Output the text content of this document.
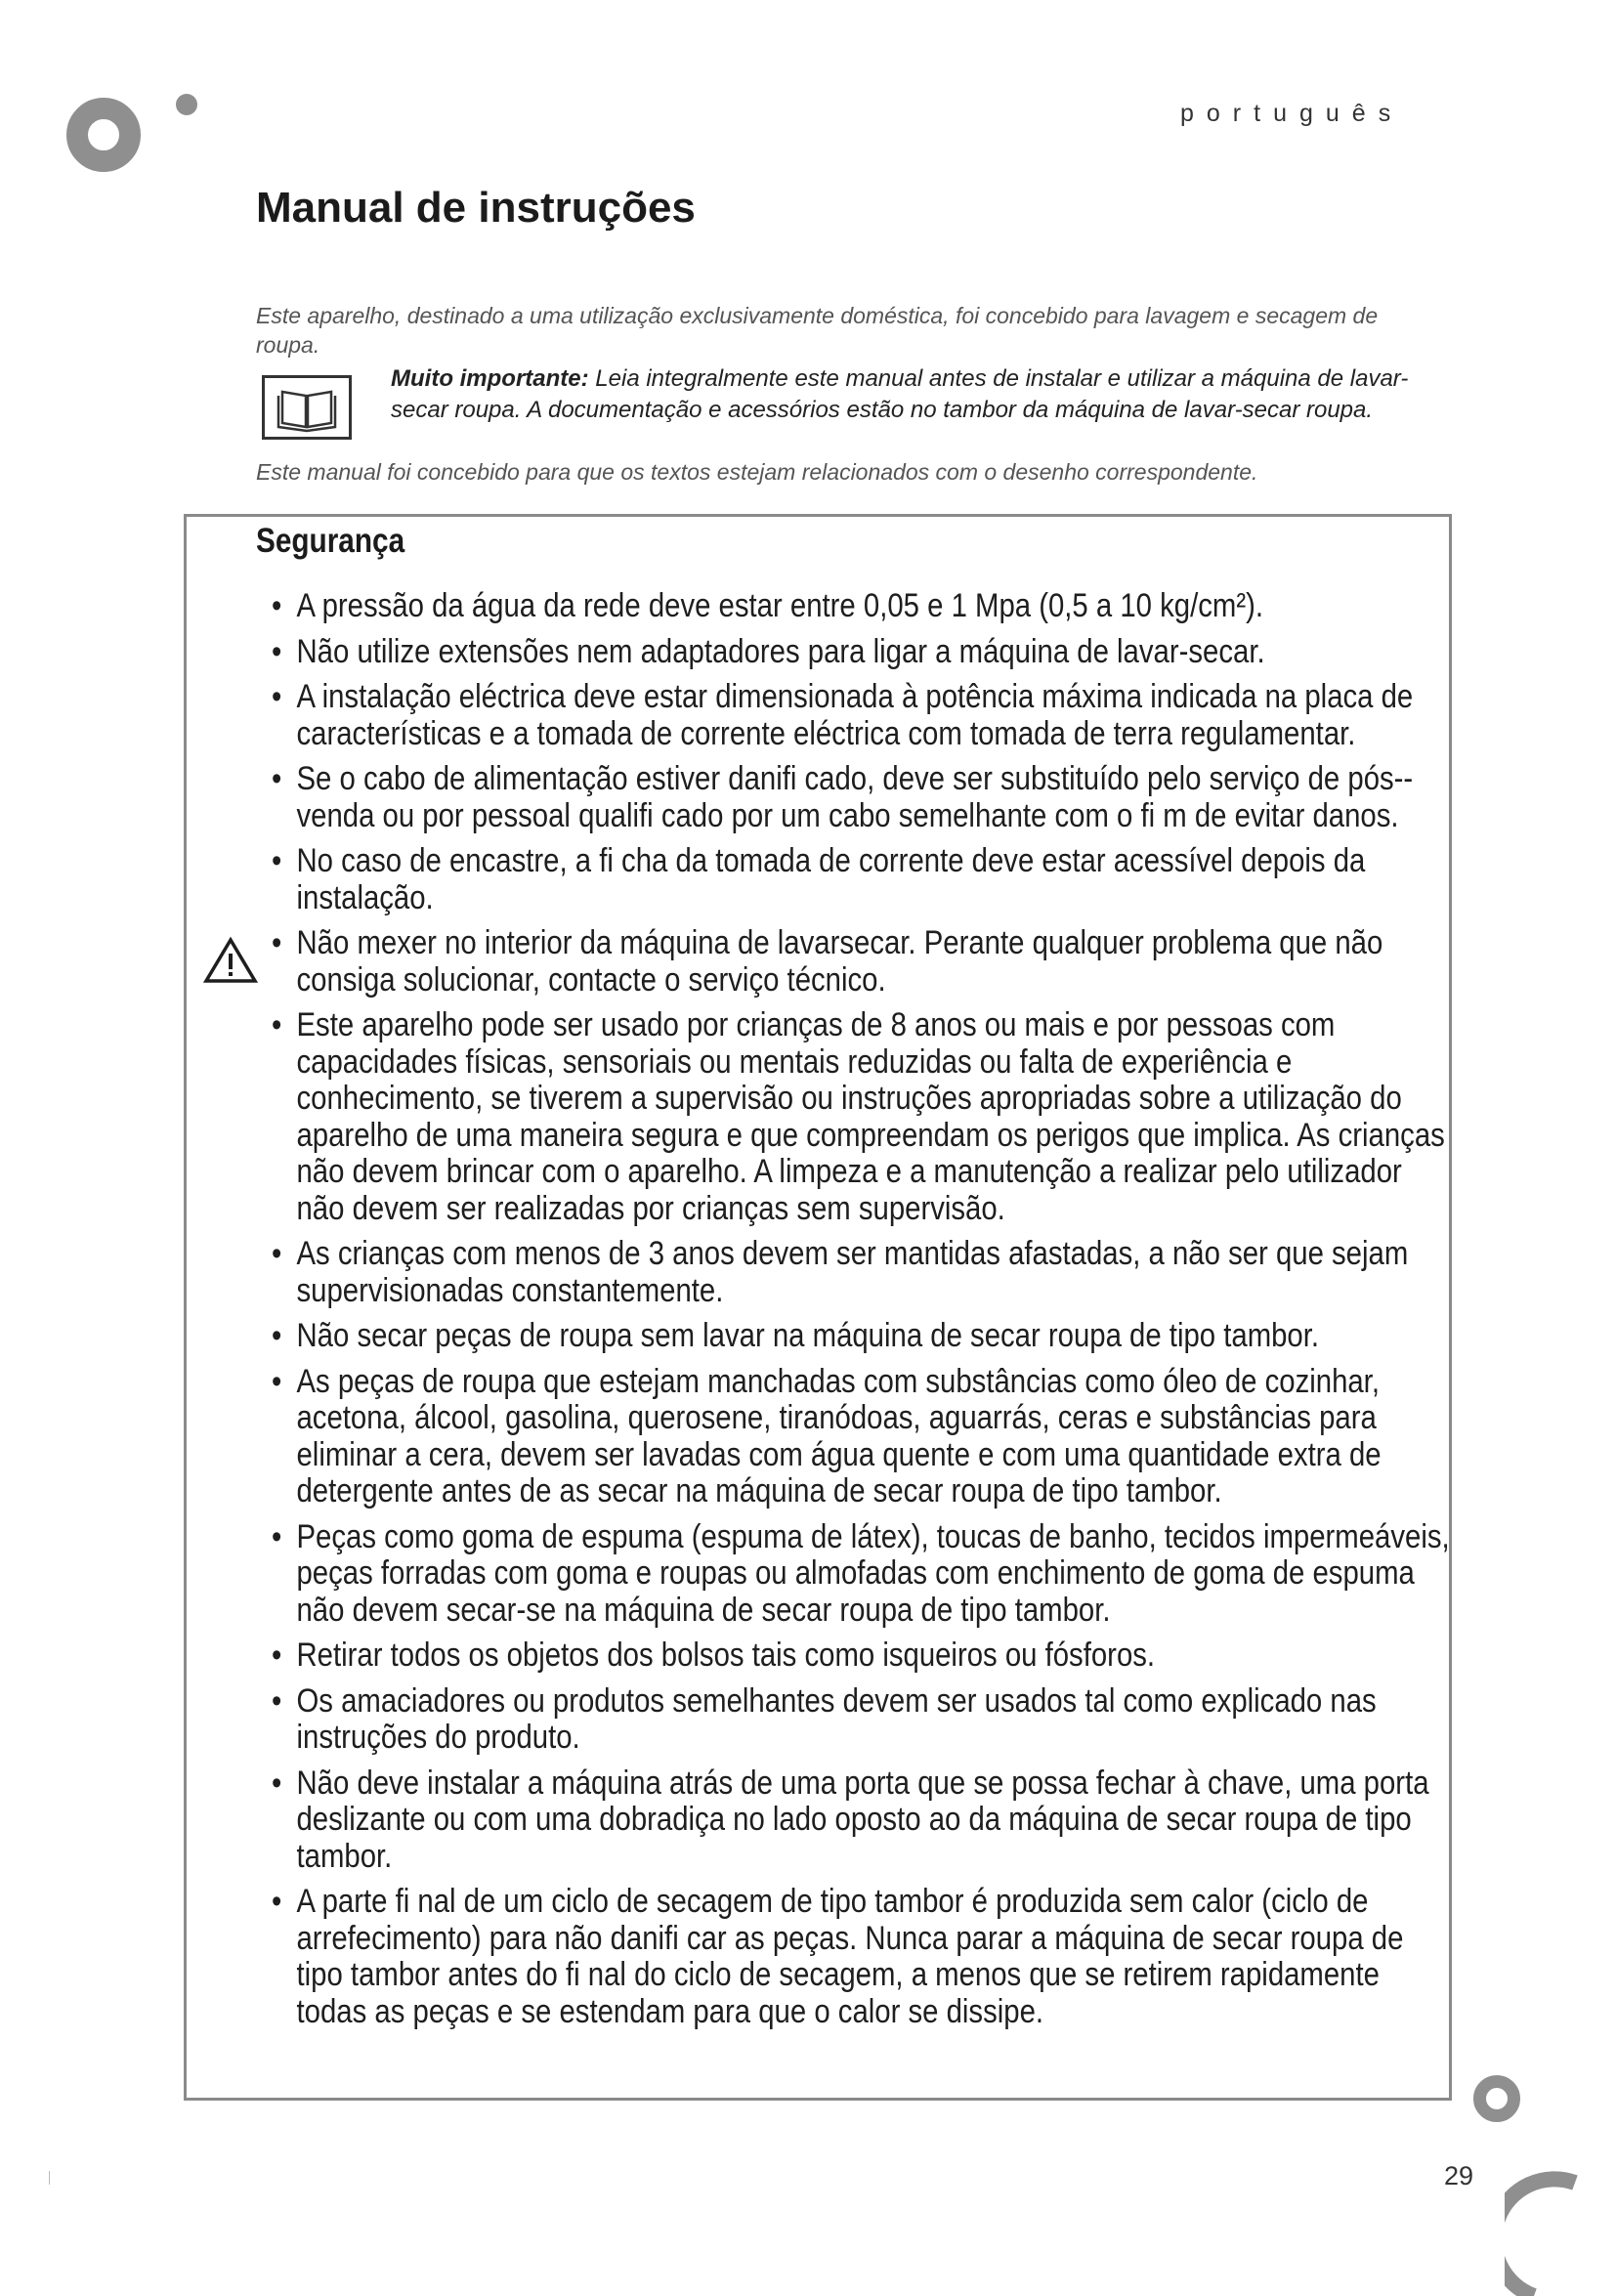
português
Manual de instruções
Este aparelho, destinado a uma utilização exclusivamente doméstica, foi concebido para lavagem e secagem de roupa.
Muito importante: Leia integralmente este manual antes de instalar e utilizar a máquina de lavar-secar roupa. A documentação e acessórios estão no tambor da máquina de lavar-secar roupa.
Este manual foi concebido para que os textos estejam relacionados com o desenho correspondente.
Segurança
• A pressão da água da rede deve estar entre 0,05 e 1 Mpa (0,5 a 10 kg/cm²).
• Não utilize extensões nem adaptadores para ligar a máquina de lavar-secar.
• A instalação eléctrica deve estar dimensionada à potência máxima indicada na placa de características e a tomada de corrente eléctrica com tomada de terra regulamentar.
• Se o cabo de alimentação estiver danifi cado, deve ser substituído pelo serviço de pós--venda ou por pessoal qualifi cado por um cabo semelhante com o fi m de evitar danos.
• No caso de encastre, a fi cha da tomada de corrente deve estar acessível depois da instalação.
• Não mexer no interior da máquina de lavarsecar. Perante qualquer problema que não consiga solucionar, contacte o serviço técnico.
• Este aparelho pode ser usado por crianças de 8 anos ou mais e por pessoas com capacidades físicas, sensoriais ou mentais reduzidas ou falta de experiência e conhecimento, se tiverem a supervisão ou instruções apropriadas sobre a utilização do aparelho de uma maneira segura e que compreendam os perigos que implica. As crianças não devem brincar com o aparelho. A limpeza e a manutenção a realizar pelo utilizador não devem ser realizadas por crianças sem supervisão.
• As crianças com menos de 3 anos devem ser mantidas afastadas, a não ser que sejam supervisionadas constantemente.
• Não secar peças de roupa sem lavar na máquina de secar roupa de tipo tambor.
• As peças de roupa que estejam manchadas com substâncias como óleo de cozinhar, acetona, álcool, gasolina, querosene, tiranódoas, aguarrás, ceras e substâncias para eliminar a cera, devem ser lavadas com água quente e com uma quantidade extra de detergente antes de as secar na máquina de secar roupa de tipo tambor.
• Peças como goma de espuma (espuma de látex), toucas de banho, tecidos impermeáveis, peças forradas com goma e roupas ou almofadas com enchimento de goma de espuma não devem secar-se na máquina de secar roupa de tipo tambor.
• Retirar todos os objetos dos bolsos tais como isqueiros ou fósforos.
• Os amaciadores ou produtos semelhantes devem ser usados tal como explicado nas instruções do produto.
• Não deve instalar a máquina atrás de uma porta que se possa fechar à chave, uma porta deslizante ou com uma dobradiça no lado oposto ao da máquina de secar roupa de tipo tambor.
• A parte fi nal de um ciclo de secagem de tipo tambor é produzida sem calor (ciclo de arrefecimento) para não danifi car as peças. Nunca parar a máquina de secar roupa de tipo tambor antes do fi nal do ciclo de secagem, a menos que se retirem rapidamente todas as peças e se estendam para que o calor se dissipe.
29
